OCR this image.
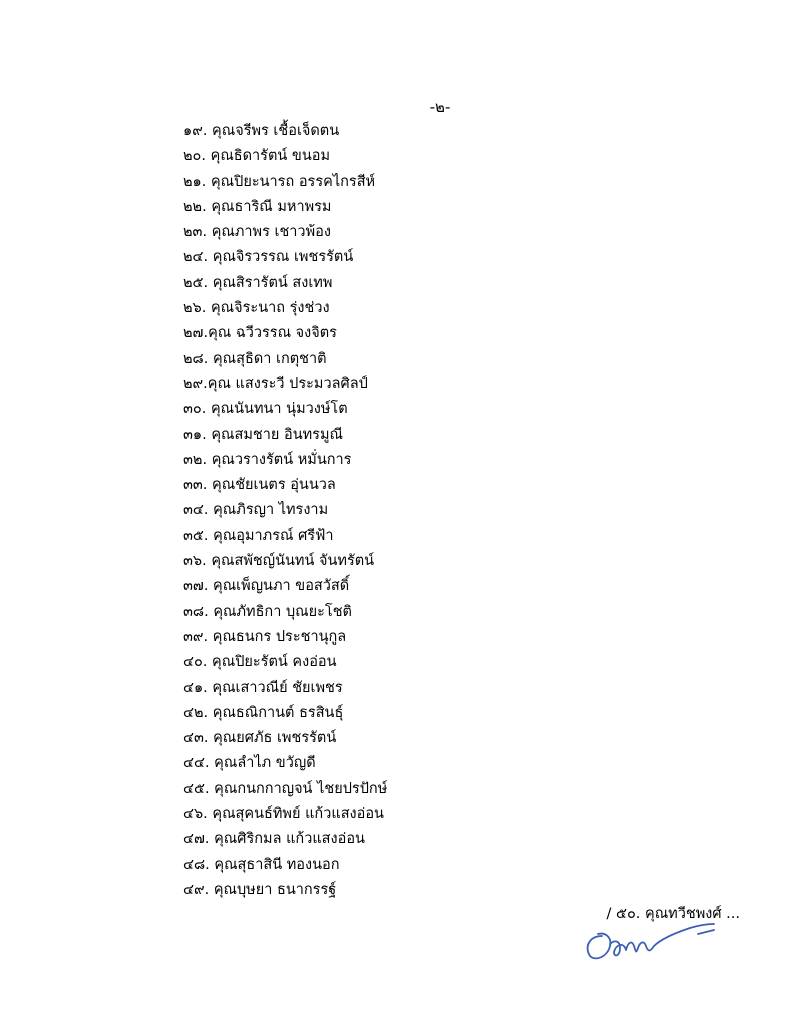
-๒-
๑๙. คุณจรีพร เชื้อเจ็ดตน
๒๐. คุณธิดารัตน์ ขนอม
๒๑. คุณปิยะนารถ อรรคไกรสีห์
๒๒. คุณธาริณี มหาพรม
๒๓. คุณภาพร เชาวพ้อง
๒๔. คุณจิรวรรณ เพชรรัตน์
๒๕. คุณสิรารัตน์ สงเทพ
๒๖. คุณจิระนาถ รุ่งช่วง
๒๗.คุณ ฉวีวรรณ จงจิตร
๒๘. คุณสุธิดา เกตุชาติ
๒๙.คุณ แสงระวี ประมวลศิลป์
๓๐. คุณนันทนา นุ่มวงษ์โต
๓๑. คุณสมชาย อินทรมูณี
๓๒. คุณวรางรัตน์ หมั่นการ
๓๓. คุณชัยเนตร อุ่นนวล
๓๔. คุณภิรญา ไทรงาม
๓๕. คุณอุมาภรณ์ ศรีฟ้า
๓๖. คุณสพัชญ์นันทน์ จันทรัตน์
๓๗. คุณเพ็ญนภา ขอสวัสดิ์
๓๘. คุณภัทธิกา บุณยะโชติ
๓๙. คุณธนกร ประชานุกูล
๔๐. คุณปิยะรัตน์ คงอ่อน
๔๑. คุณเสาวณีย์ ชัยเพชร
๔๒. คุณธณิกานต์ ธรสินธุ์
๔๓. คุณยศภัธ เพชรรัตน์
๔๔. คุณลำไภ ขวัญดี
๔๕. คุณกนกกาญจน์ ไชยปรปักษ์
๔๖. คุณสุคนธ์ทิพย์ แก้วแสงอ่อน
๔๗. คุณศิริกมล แก้วแสงอ่อน
๔๘. คุณสุธาสินี ทองนอก
๔๙. คุณบุษยา ธนากรรฐ์
/ ๕๐. คุณทวีชพงศ์ ...
